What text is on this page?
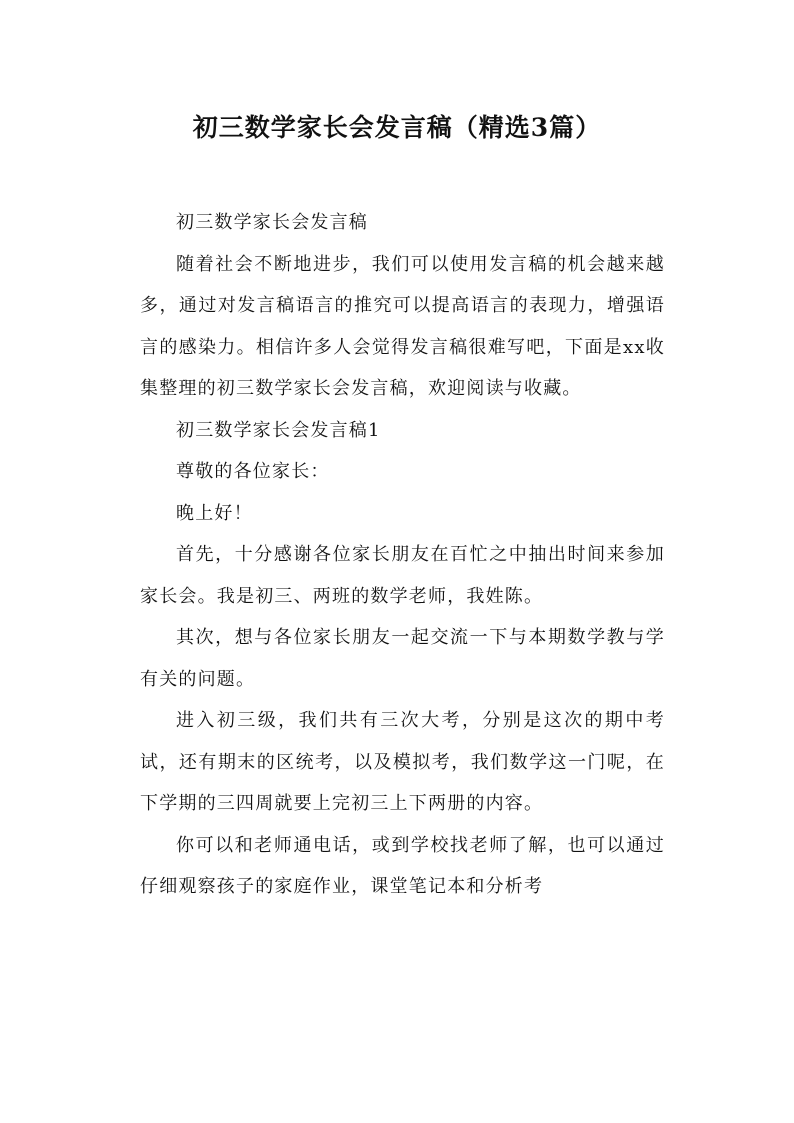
初三数学家长会发言稿（精选3篇）

初三数学家长会发言稿

随着社会不断地进步，我们可以使用发言稿的机会越来越多，通过对发言稿语言的推究可以提高语言的表现力，增强语言的感染力。相信许多人会觉得发言稿很难写吧，下面是xx收集整理的初三数学家长会发言稿，欢迎阅读与收藏。

初三数学家长会发言稿1

尊敬的各位家长：

晚上好！

首先，十分感谢各位家长朋友在百忙之中抽出时间来参加家长会。我是初三、两班的数学老师，我姓陈。

其次，想与各位家长朋友一起交流一下与本期数学教与学有关的问题。

进入初三级，我们共有三次大考，分别是这次的期中考试，还有期末的区统考，以及模拟考，我们数学这一门呢，在下学期的三四周就要上完初三上下两册的内容。

你可以和老师通电话，或到学校找老师了解，也可以通过仔细观察孩子的家庭作业，课堂笔记本和分析考
